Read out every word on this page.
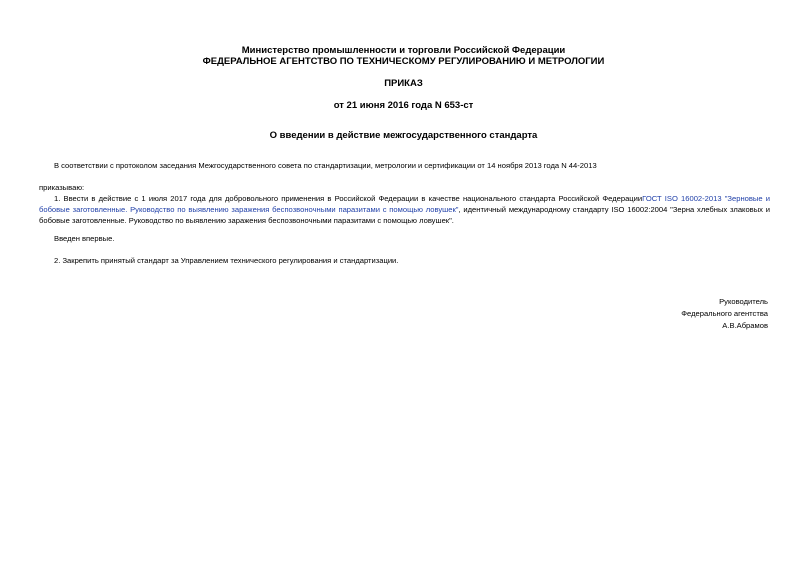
Министерство промышленности и торговли Российской Федерации
ФЕДЕРАЛЬНОЕ АГЕНТСТВО ПО ТЕХНИЧЕСКОМУ РЕГУЛИРОВАНИЮ И МЕТРОЛОГИИ
ПРИКАЗ
от 21 июня 2016 года N 653-ст
О введении в действие межгосударственного стандарта
В соответствии с протоколом заседания Межгосударственного совета по стандартизации, метрологии и сертификации от 14 ноября 2013 года N 44-2013
приказываю:
1. Ввести в действие с 1 июля 2017 года для добровольного применения в Российской Федерации в качестве национального стандарта Российской ФедерацииГОСТ ISO 16002-2013 "Зерновые и бобовые заготовленные. Руководство по выявлению заражения беспозвоночными паразитами с помощью ловушек", идентичный международному стандарту ISO 16002:2004 "Зерна хлебных злаковых и бобовые заготовленные. Руководство по выявлению заражения беспозвоночными паразитами с помощью ловушек".
Введен впервые.
2. Закрепить принятый стандарт за Управлением технического регулирования и стандартизации.
Руководитель
Федерального агентства
А.В.Абрамов
